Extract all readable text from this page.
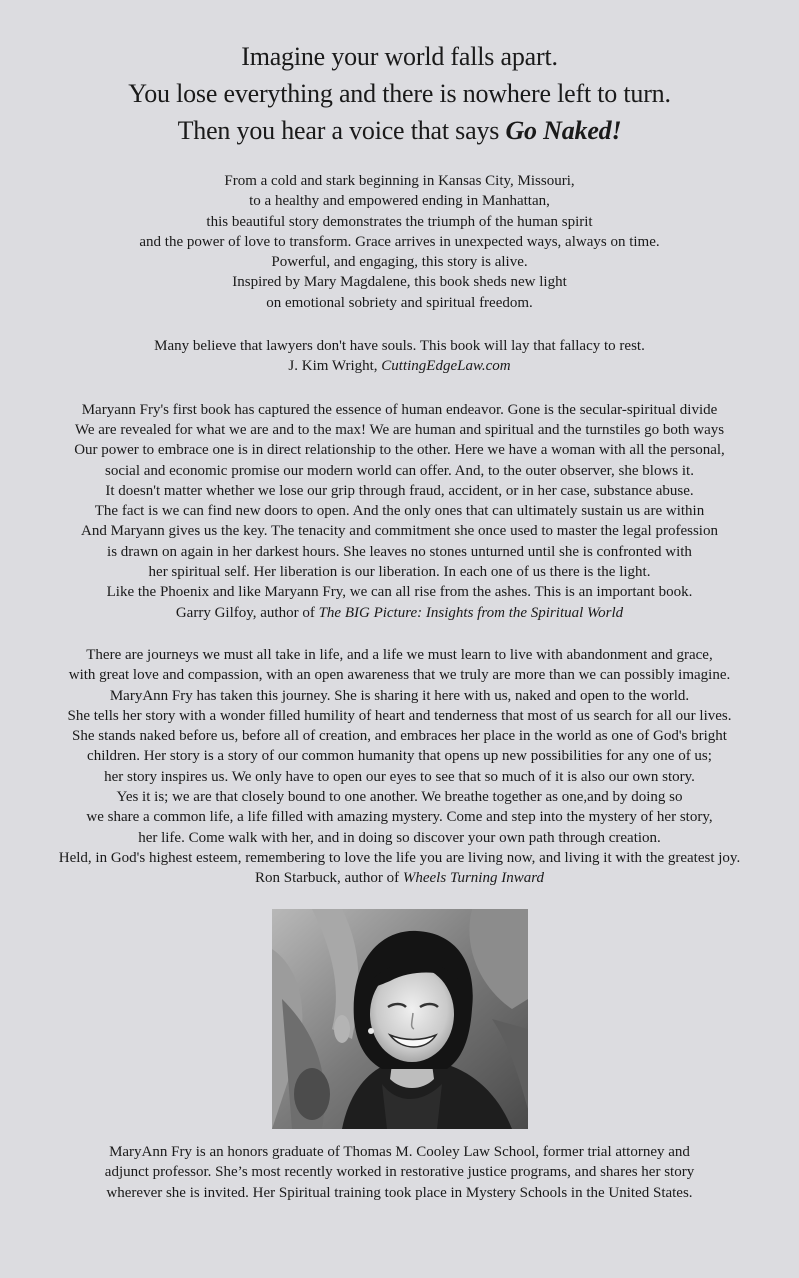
Imagine your world falls apart.
You lose everything and there is nowhere left to turn.
Then you hear a voice that says Go Naked!
From a cold and stark beginning in Kansas City, Missouri,
to a healthy and empowered ending in Manhattan,
this beautiful story demonstrates the triumph of the human spirit
and the power of love to transform. Grace arrives in unexpected ways, always on time.
Powerful, and engaging, this story is alive.
Inspired by Mary Magdalene, this book sheds new light
on emotional sobriety and spiritual freedom.
Many believe that lawyers don't have souls. This book will lay that fallacy to rest.
J. Kim Wright, CuttingEdgeLaw.com
Maryann Fry's first book has captured the essence of human endeavor. Gone is the secular-spiritual divide
We are revealed for what we are and to the max! We are human and spiritual and the turnstiles go both ways
Our power to embrace one is in direct relationship to the other. Here we have a woman with all the personal,
social and economic promise our modern world can offer. And, to the outer observer, she blows it.
It doesn't matter whether we lose our grip through fraud, accident, or in her case, substance abuse.
The fact is we can find new doors to open. And the only ones that can ultimately sustain us are within
And Maryann gives us the key. The tenacity and commitment she once used to master the legal profession
is drawn on again in her darkest hours. She leaves no stones unturned until she is confronted with
her spiritual self. Her liberation is our liberation. In each one of us there is the light.
Like the Phoenix and like Maryann Fry, we can all rise from the ashes. This is an important book.
Garry Gilfoy, author of The BIG Picture: Insights from the Spiritual World
There are journeys we must all take in life, and a life we must learn to live with abandonment and grace,
with great love and compassion, with an open awareness that we truly are more than we can possibly imagine.
MaryAnn Fry has taken this journey. She is sharing it here with us, naked and open to the world.
She tells her story with a wonder filled humility of heart and tenderness that most of us search for all our lives.
She stands naked before us, before all of creation, and embraces her place in the world as one of God's bright
children. Her story is a story of our common humanity that opens up new possibilities for any one of us;
her story inspires us. We only have to open our eyes to see that so much of it is also our own story.
Yes it is; we are that closely bound to one another. We breathe together as one,and by doing so
we share a common life, a life filled with amazing mystery. Come and step into the mystery of her story,
her life. Come walk with her, and in doing so discover your own path through creation.
Held, in God's highest esteem, remembering to love the life you are living now, and living it with the greatest joy.
Ron Starbuck, author of Wheels Turning Inward
MaryAnn Fry is an honors graduate of Thomas M. Cooley Law School, former trial attorney and
adjunct professor. She’s most recently worked in restorative justice programs, and shares her story
wherever she is invited. Her Spiritual training took place in Mystery Schools in the United States.
